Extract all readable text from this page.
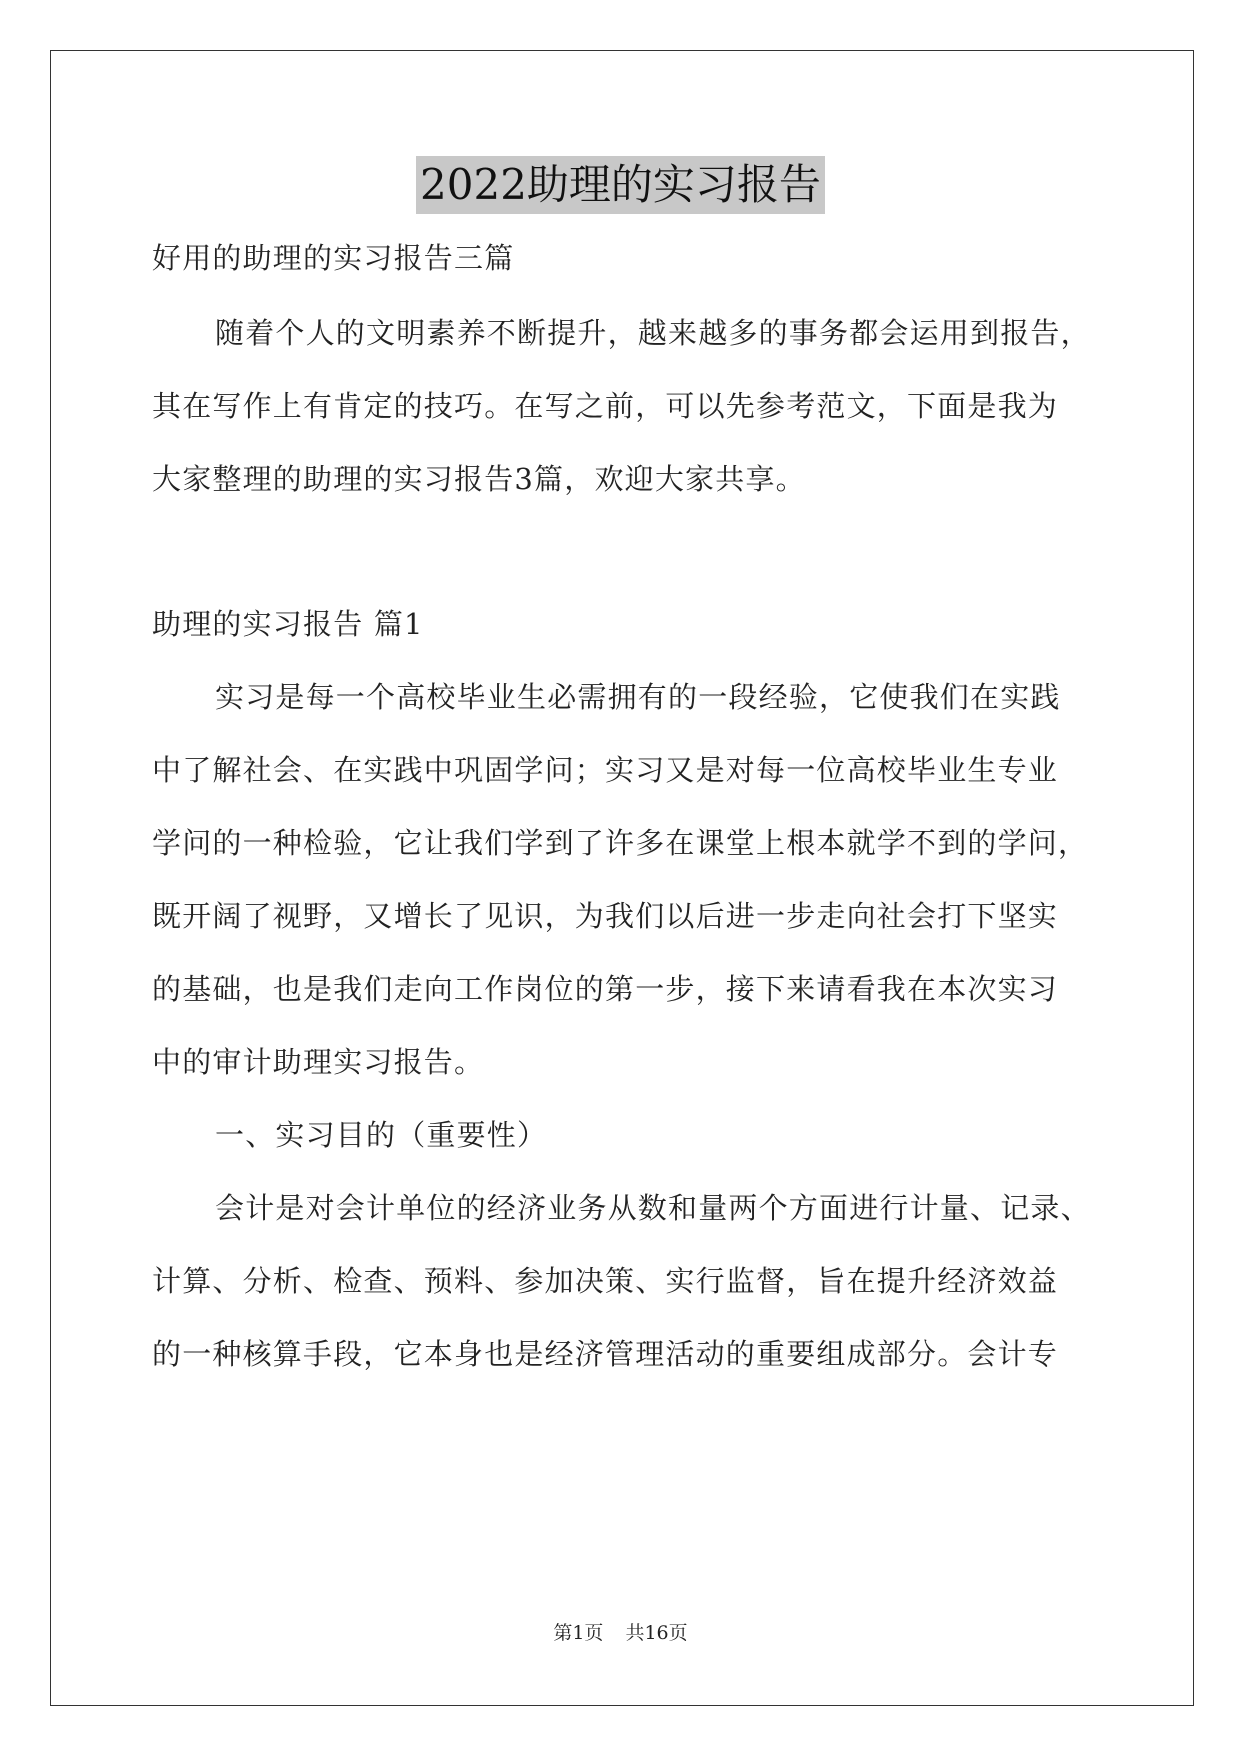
2022助理的实习报告
好用的助理的实习报告三篇
随着个人的文明素养不断提升，越来越多的事务都会运用到报告，
其在写作上有肯定的技巧。在写之前，可以先参考范文，下面是我为
大家整理的助理的实习报告3篇，欢迎大家共享。
助理的实习报告 篇1
实习是每一个高校毕业生必需拥有的一段经验，它使我们在实践
中了解社会、在实践中巩固学问；实习又是对每一位高校毕业生专业
学问的一种检验，它让我们学到了许多在课堂上根本就学不到的学问，
既开阔了视野，又增长了见识，为我们以后进一步走向社会打下坚实
的基础，也是我们走向工作岗位的第一步，接下来请看我在本次实习
中的审计助理实习报告。
一、实习目的（重要性）
会计是对会计单位的经济业务从数和量两个方面进行计量、记录、
计算、分析、检查、预料、参加决策、实行监督，旨在提升经济效益
的一种核算手段，它本身也是经济管理活动的重要组成部分。会计专
第1页 共16页
